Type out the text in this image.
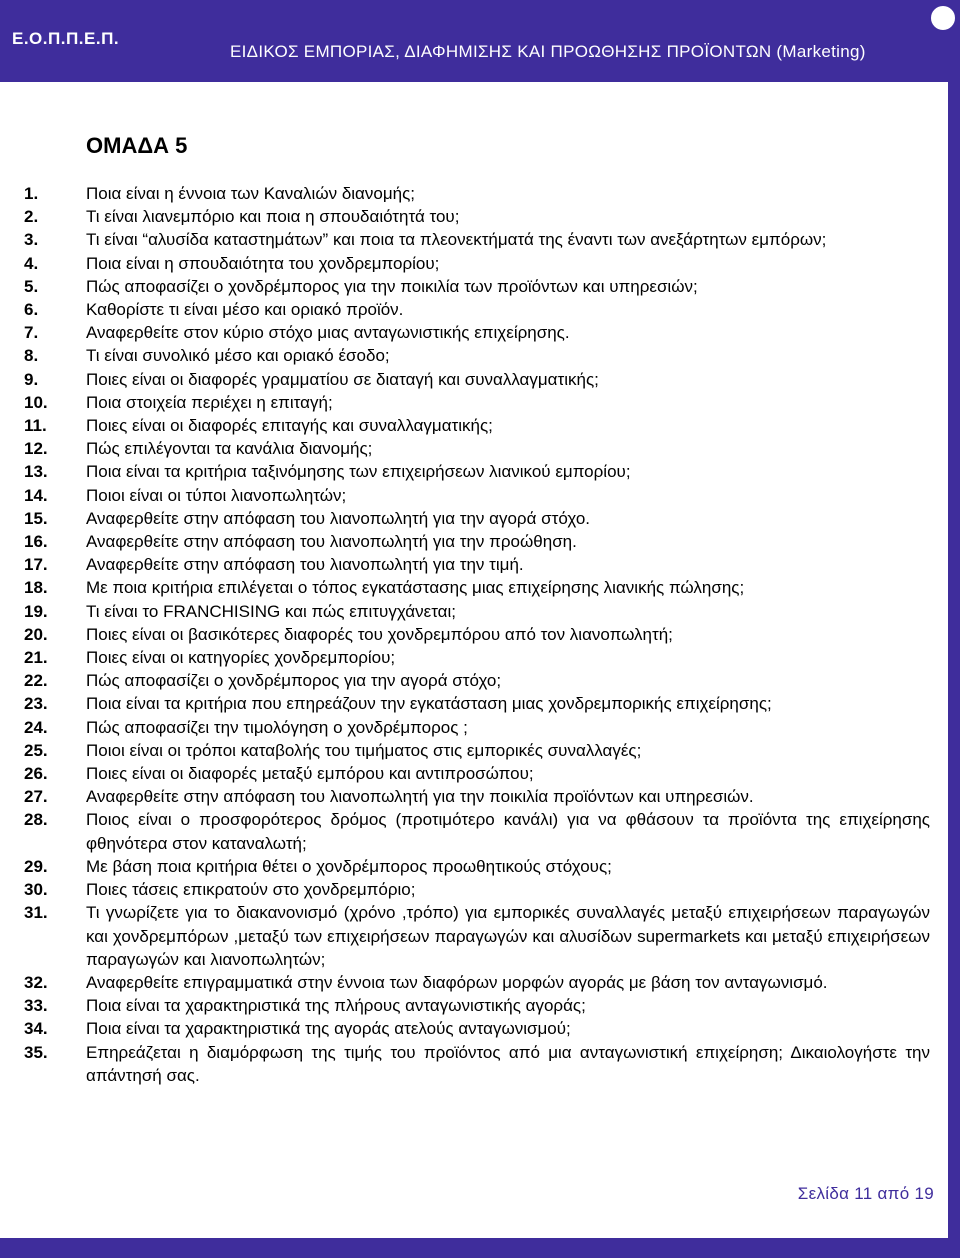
Ε.Ο.Π.Π.Ε.Π.
ΕΙΔΙΚΟΣ ΕΜΠΟΡΙΑΣ, ΔΙΑΦΗΜΙΣΗΣ ΚΑΙ ΠΡΟΩΘΗΣΗΣ ΠΡΟΪΟΝΤΩΝ (Marketing)
ΟΜΑΔΑ 5
1.	Ποια είναι η έννοια των Καναλιών διανομής;
2.	Τι είναι λιανεμπόριο και ποια η σπουδαιότητά του;
3.	Τι είναι “αλυσίδα καταστημάτων” και ποια τα πλεονεκτήματά της έναντι των ανεξάρτητων εμπόρων;
4.	Ποια είναι η σπουδαιότητα του χονδρεμπορίου;
5.	Πώς αποφασίζει ο χονδρέμπορος για την ποικιλία των προϊόντων και υπηρεσιών;
6.	Καθορίστε τι είναι μέσο και οριακό προϊόν.
7.	Αναφερθείτε στον κύριο στόχο μιας ανταγωνιστικής επιχείρησης.
8.	Τι είναι συνολικό μέσο και οριακό έσοδο;
9.	Ποιες είναι οι διαφορές γραμματίου σε διαταγή και συναλλαγματικής;
10.	Ποια στοιχεία περιέχει η επιταγή;
11.	Ποιες είναι οι διαφορές επιταγής και συναλλαγματικής;
12.	Πώς επιλέγονται τα κανάλια διανομής;
13.	Ποια είναι τα κριτήρια ταξινόμησης των επιχειρήσεων λιανικού εμπορίου;
14.	Ποιοι είναι οι τύποι λιανοπωλητών;
15.	Αναφερθείτε στην απόφαση του λιανοπωλητή για την αγορά στόχο.
16.	Αναφερθείτε στην απόφαση του λιανοπωλητή για την προώθηση.
17.	Αναφερθείτε στην απόφαση του λιανοπωλητή για την τιμή.
18.	Με ποια κριτήρια επιλέγεται ο τόπος εγκατάστασης μιας επιχείρησης λιανικής πώλησης;
19.	Τι είναι το FRANCHISING και πώς επιτυγχάνεται;
20.	Ποιες είναι οι βασικότερες διαφορές του χονδρεμπόρου από τον λιανοπωλητή;
21.	Ποιες είναι οι κατηγορίες χονδρεμπορίου;
22.	Πώς αποφασίζει ο χονδρέμπορος για την αγορά στόχο;
23.	Ποια είναι τα κριτήρια που επηρεάζουν την εγκατάσταση μιας χονδρεμπορικής επιχείρησης;
24.	Πώς αποφασίζει την τιμολόγηση ο χονδρέμπορος ;
25.	Ποιοι είναι οι τρόποι καταβολής του τιμήματος στις εμπορικές συναλλαγές;
26.	Ποιες είναι οι διαφορές μεταξύ εμπόρου και αντιπροσώπου;
27.	Αναφερθείτε στην απόφαση του λιανοπωλητή για την ποικιλία προϊόντων και υπηρεσιών.
28.	Ποιος είναι ο προσφορότερος δρόμος (προτιμότερο κανάλι) για να φθάσουν τα προϊόντα της επιχείρησης φθηνότερα στον καταναλωτή;
29.	Με βάση ποια κριτήρια θέτει ο χονδρέμπορος προωθητικούς στόχους;
30.	Ποιες τάσεις επικρατούν στο χονδρεμπόριο;
31.	Τι γνωρίζετε για το διακανονισμό (χρόνο ,τρόπο) για εμπορικές συναλλαγές μεταξύ επιχειρήσεων παραγωγών και χονδρεμπόρων ,μεταξύ των επιχειρήσεων παραγωγών και αλυσίδων supermarkets και μεταξύ επιχειρήσεων παραγωγών και λιανοπωλητών;
32.	Αναφερθείτε επιγραμματικά στην έννοια των διαφόρων μορφών αγοράς με βάση τον ανταγωνισμό.
33.	Ποια είναι τα χαρακτηριστικά της πλήρους ανταγωνιστικής αγοράς;
34.	Ποια είναι τα χαρακτηριστικά της αγοράς ατελούς ανταγωνισμού;
35.	Επηρεάζεται η διαμόρφωση της τιμής του προϊόντος από μια ανταγωνιστική επιχείρηση; Δικαιολογήστε την απάντησή σας.
Σελίδα 11 από 19
